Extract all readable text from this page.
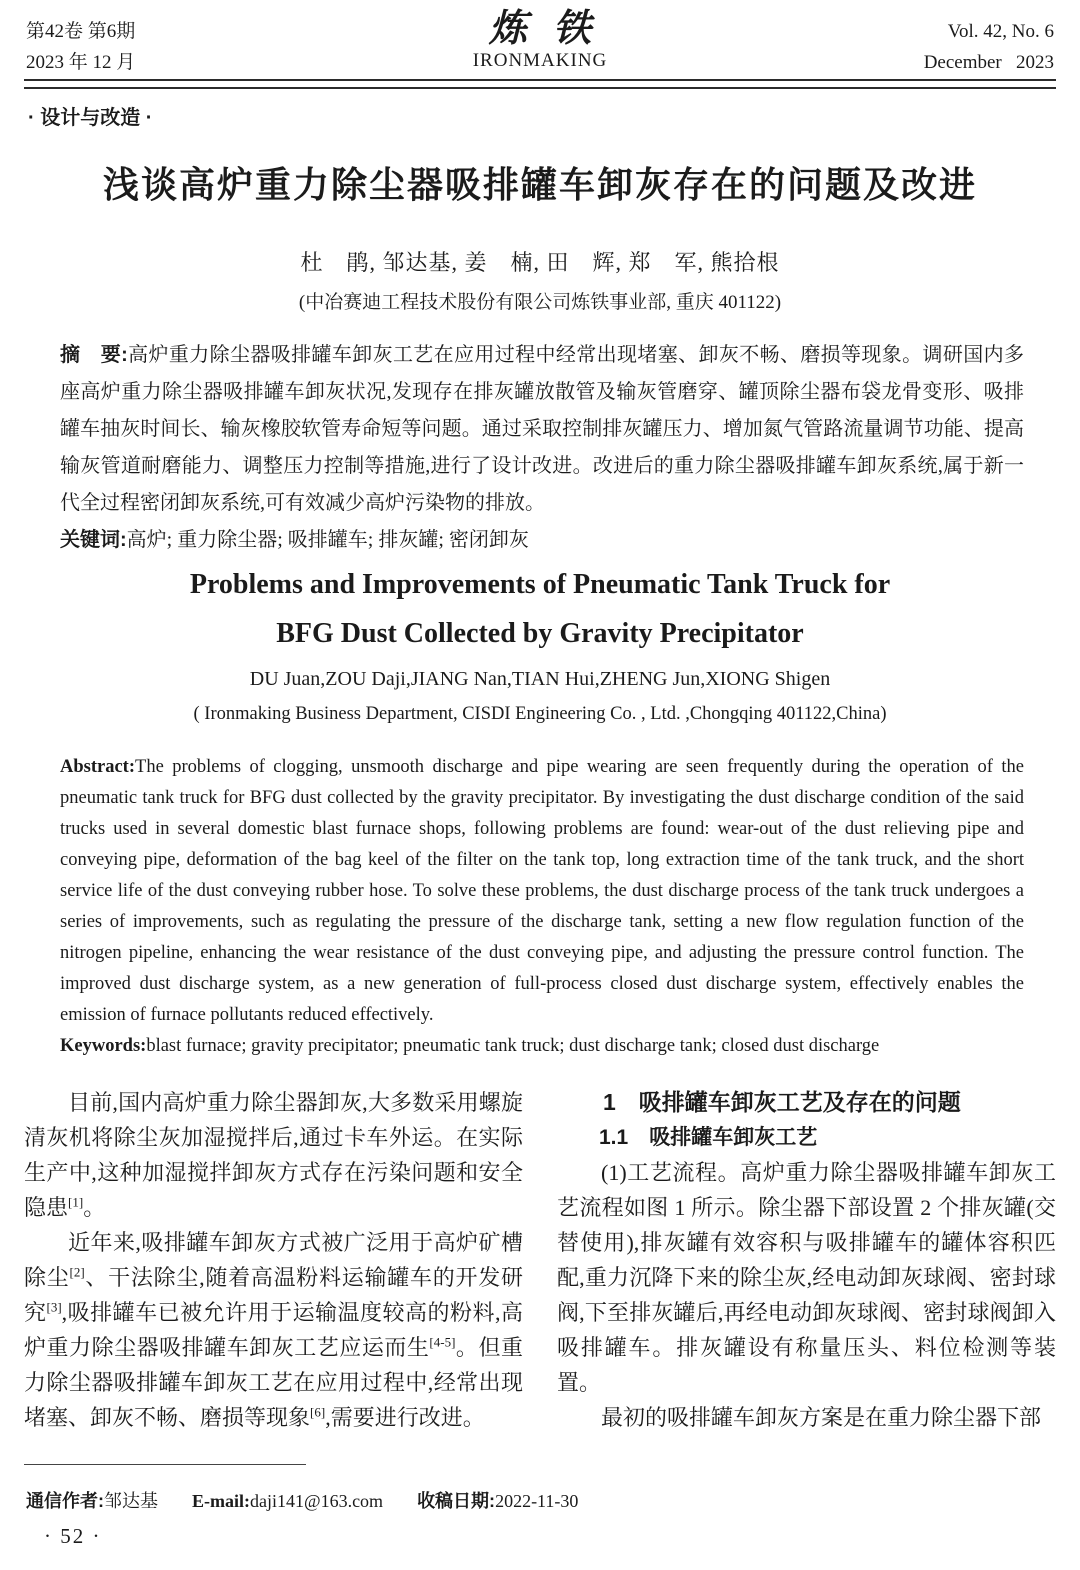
第42卷 第6期
2023 年 12 月
炼铁
IRONMAKING
Vol. 42, No. 6
December   2023
· 设计与改造 ·
浅谈高炉重力除尘器吸排罐车卸灰存在的问题及改进
杜　鹃, 邹达基, 姜　楠, 田　辉, 郑　军, 熊拾根
(中冶赛迪工程技术股份有限公司炼铁事业部, 重庆 401122)
摘　要:高炉重力除尘器吸排罐车卸灰工艺在应用过程中经常出现堵塞、卸灰不畅、磨损等现象。调研国内多座高炉重力除尘器吸排罐车卸灰状况,发现存在排灰罐放散管及输灰管磨穿、罐顶除尘器布袋龙骨变形、吸排罐车抽灰时间长、输灰橡胶软管寿命短等问题。通过采取控制排灰罐压力、增加氮气管路流量调节功能、提高输灰管道耐磨能力、调整压力控制等措施,进行了设计改进。改进后的重力除尘器吸排罐车卸灰系统,属于新一代全过程密闭卸灰系统,可有效减少高炉污染物的排放。
关键词:高炉; 重力除尘器; 吸排罐车; 排灰罐; 密闭卸灰
Problems and Improvements of Pneumatic Tank Truck for
BFG Dust Collected by Gravity Precipitator
DU Juan,ZOU Daji,JIANG Nan,TIAN Hui,ZHENG Jun,XIONG Shigen
( Ironmaking Business Department, CISDI Engineering Co. , Ltd. ,Chongqing 401122,China)
Abstract:The problems of clogging, unsmooth discharge and pipe wearing are seen frequently during the operation of the pneumatic tank truck for BFG dust collected by the gravity precipitator. By investigating the dust discharge condition of the said trucks used in several domestic blast furnace shops, following problems are found: wear-out of the dust relieving pipe and conveying pipe, deformation of the bag keel of the filter on the tank top, long extraction time of the tank truck, and the short service life of the dust conveying rubber hose. To solve these problems, the dust discharge process of the tank truck undergoes a series of improvements, such as regulating the pressure of the discharge tank, setting a new flow regulation function of the nitrogen pipeline, enhancing the wear resistance of the dust conveying pipe, and adjusting the pressure control function. The improved dust discharge system, as a new generation of full-process closed dust discharge system, effectively enables the emission of furnace pollutants reduced effectively.
Keywords:blast furnace; gravity precipitator; pneumatic tank truck; dust discharge tank; closed dust discharge

目前,国内高炉重力除尘器卸灰,大多数采用螺旋清灰机将除尘灰加湿搅拌后,通过卡车外运。在实际生产中,这种加湿搅拌卸灰方式存在污染问题和安全隐患[1]。

近年来,吸排罐车卸灰方式被广泛用于高炉矿槽除尘[2]、干法除尘,随着高温粉料运输罐车的开发研究[3],吸排罐车已被允许用于运输温度较高的粉料,高炉重力除尘器吸排罐车卸灰工艺应运而生[4-5]。但重力除尘器吸排罐车卸灰工艺在应用过程中,经常出现堵塞、卸灰不畅、磨损等现象[6],需要进行改进。

1　吸排罐车卸灰工艺及存在的问题

1.1　吸排罐车卸灰工艺

(1)工艺流程。高炉重力除尘器吸排罐车卸灰工艺流程如图 1 所示。除尘器下部设置 2 个排灰罐(交替使用),排灰罐有效容积与吸排罐车的罐体容积匹配,重力沉降下来的除尘灰,经电动卸灰球阀、密封球阀,下至排灰罐后,再经电动卸灰球阀、密封球阀卸入吸排罐车。排灰罐设有称量压头、料位检测等装置。

最初的吸排罐车卸灰方案是在重力除尘器下部

通信作者:邹达基 E-mail:daji141@163.com 收稿日期:2022-11-30
· 52 ·
